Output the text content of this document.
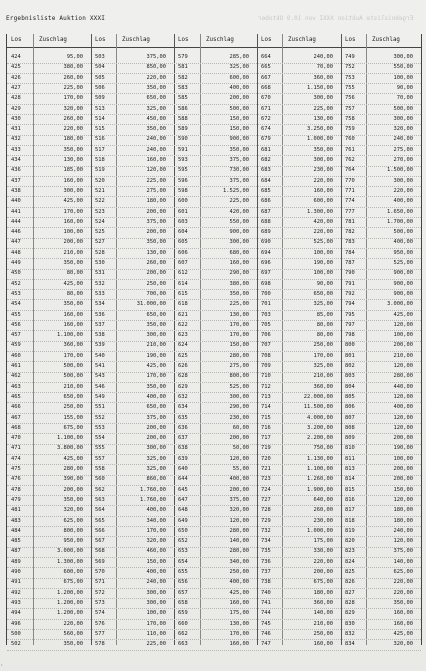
Ergebnisliste Auktion XXXI	Ergebnisliste Auktion XXXI von 10.9 Oktober
Los	Zuschlag	Los	Zuschlag	Los	Zuschlag	Los	Zuschlag	Los	Zuschlag
424	95,00 503	375,00 579	285,00 664	240,00 749	300,00
425	380,00 504	850,00 581	325,00 665	70,00 752	550,00
426	260,00 505	220,00 582	600,00 667	360,00 753	100,00
427	225,00 506	350,00 583	400,00 668	1.150,00 755	90,00
428	170,00 509	650,00 585	200,00 670	300,00 756	70,00
429	320,00 513	325,00 586	500,00 671	225,00 757	500,00
430	260,00 514	450,00 588	150,00 672	130,00 758	300,00
431	220,00 515	350,00 589	150,00 674	3.250,00 759	320,00
432	180,00 516	240,00 590	900,00 679	1.000,00 760	240,00
433	350,00 517	240,00 591	350,00 681	350,00 761	275,00
434	130,00 518	160,00 593	375,00 682	300,00 762	270,00
436	185,00 519	120,00 595	730,00 683	230,00 764	1.500,00
437	160,00 520	225,00 596	375,00 684	220,00 770	300,00
438	300,00 521	275,00 598	1.525,00 685	160,00 771	220,00
440	425,00 522	180,00 600	225,00 686	600,00 774	400,00
441	170,00 523	200,00 601	420,00 687	1.300,00 777	1.650,00
444	160,00 524	375,00 603	550,00 688	420,00 781	1.700,00
446	100,00 525	200,00 604	900,00 689	220,00 782	500,00
447	200,00 527	350,00 605	300,00 690	525,00 783	400,00
448	210,00 528	130,00 606	680,00 694	100,00 784	950,00
449	350,00 530	260,00 607	160,00 696	190,00 787	525,00
450	80,00 531	200,00 612	290,00 697	100,00 790	900,00
452	425,00 532	250,00 614	380,00 698	90,00 791	900,00
453	80,00 533	700,00 615	350,00 700	650,00 792	900,00
454	350,00 534	31.000,00 618	225,00 701	325,00 794	3.000,00
455	160,00 536	650,00 621	130,00 703	85,00 795	425,00
456	160,00 537	350,00 622	170,00 705	80,00 797	120,00
457	1.100,00 538	300,00 623	170,00 706	80,00 798	100,00
459	360,00 539	210,00 624	150,00 707	250,00 800	200,00
460	170,00 540	190,00 625	280,00 708	170,00 801	210,00
461	500,00 541	425,00 626	275,00 709	325,00 802	120,00
462	500,00 543	170,00 628	800,00 710	210,00 803	280,00
463	210,00 546	350,00 629	525,00 712	360,00 804	440,00
465	650,00 549	400,00 632	300,00 713	22.000,00 805	120,00
466	250,00 551	650,00 634	290,00 714	11.500,00 806	400,00
467	155,00 552	375,00 635	230,00 715	4.000,00 807	120,00
468	675,00 553	200,00 636	60,00 716	3.200,00 808	120,00
470	1.100,00 554	200,00 637	200,00 717	2.200,00 809	200,00
471	3.800,00 555	300,00 638	50,00 719	750,00 810	190,00
474	425,00 557	325,00 639	120,00 720	1.130,00 811	100,00
475	280,00 558	325,00 640	55,00 721	1.100,00 813	200,00
476	390,00 560	860,00 644	400,00 723	1.260,00 814	200,00
478	200,00 562	1.760,00 645	200,00 724	1.900,00 815	150,00
479	350,00 563	1.760,00 647	375,00 727	640,00 816	120,00
481	320,00 564	400,00 648	320,00 728	260,00 817	180,00
483	625,00 565	340,00 649	120,00 729	230,00 818	180,00
484	800,00 566	170,00 650	280,00 732	1.000,00 819	240,00
485	950,00 567	320,00 652	140,00 734	175,00 820	120,00
487	3.000,00 568	460,00 653	280,00 735	330,00 823	375,00
489	1.300,00 569	150,00 654	340,00 736	220,00 824	140,00
490	600,00 570	400,00 655	250,00 737	200,00 825	625,00
491	675,00 571	240,00 656	400,00 738	675,00 826	220,00
492	1.200,00 572	300,00 657	425,00 740	180,00 827	220,00
493	1.200,00 573	300,00 658	160,00 741	360,00 828	350,00
494	1.200,00 574	100,00 659	175,00 744	140,00 829	160,00
496	220,00 576	170,00 660	130,00 745	210,00 830	160,00
500	560,00 577	110,00 662	170,00 746	250,00 832	425,00
502	350,00 578	225,00 663	160,00 747	160,00 834	320,00
·
